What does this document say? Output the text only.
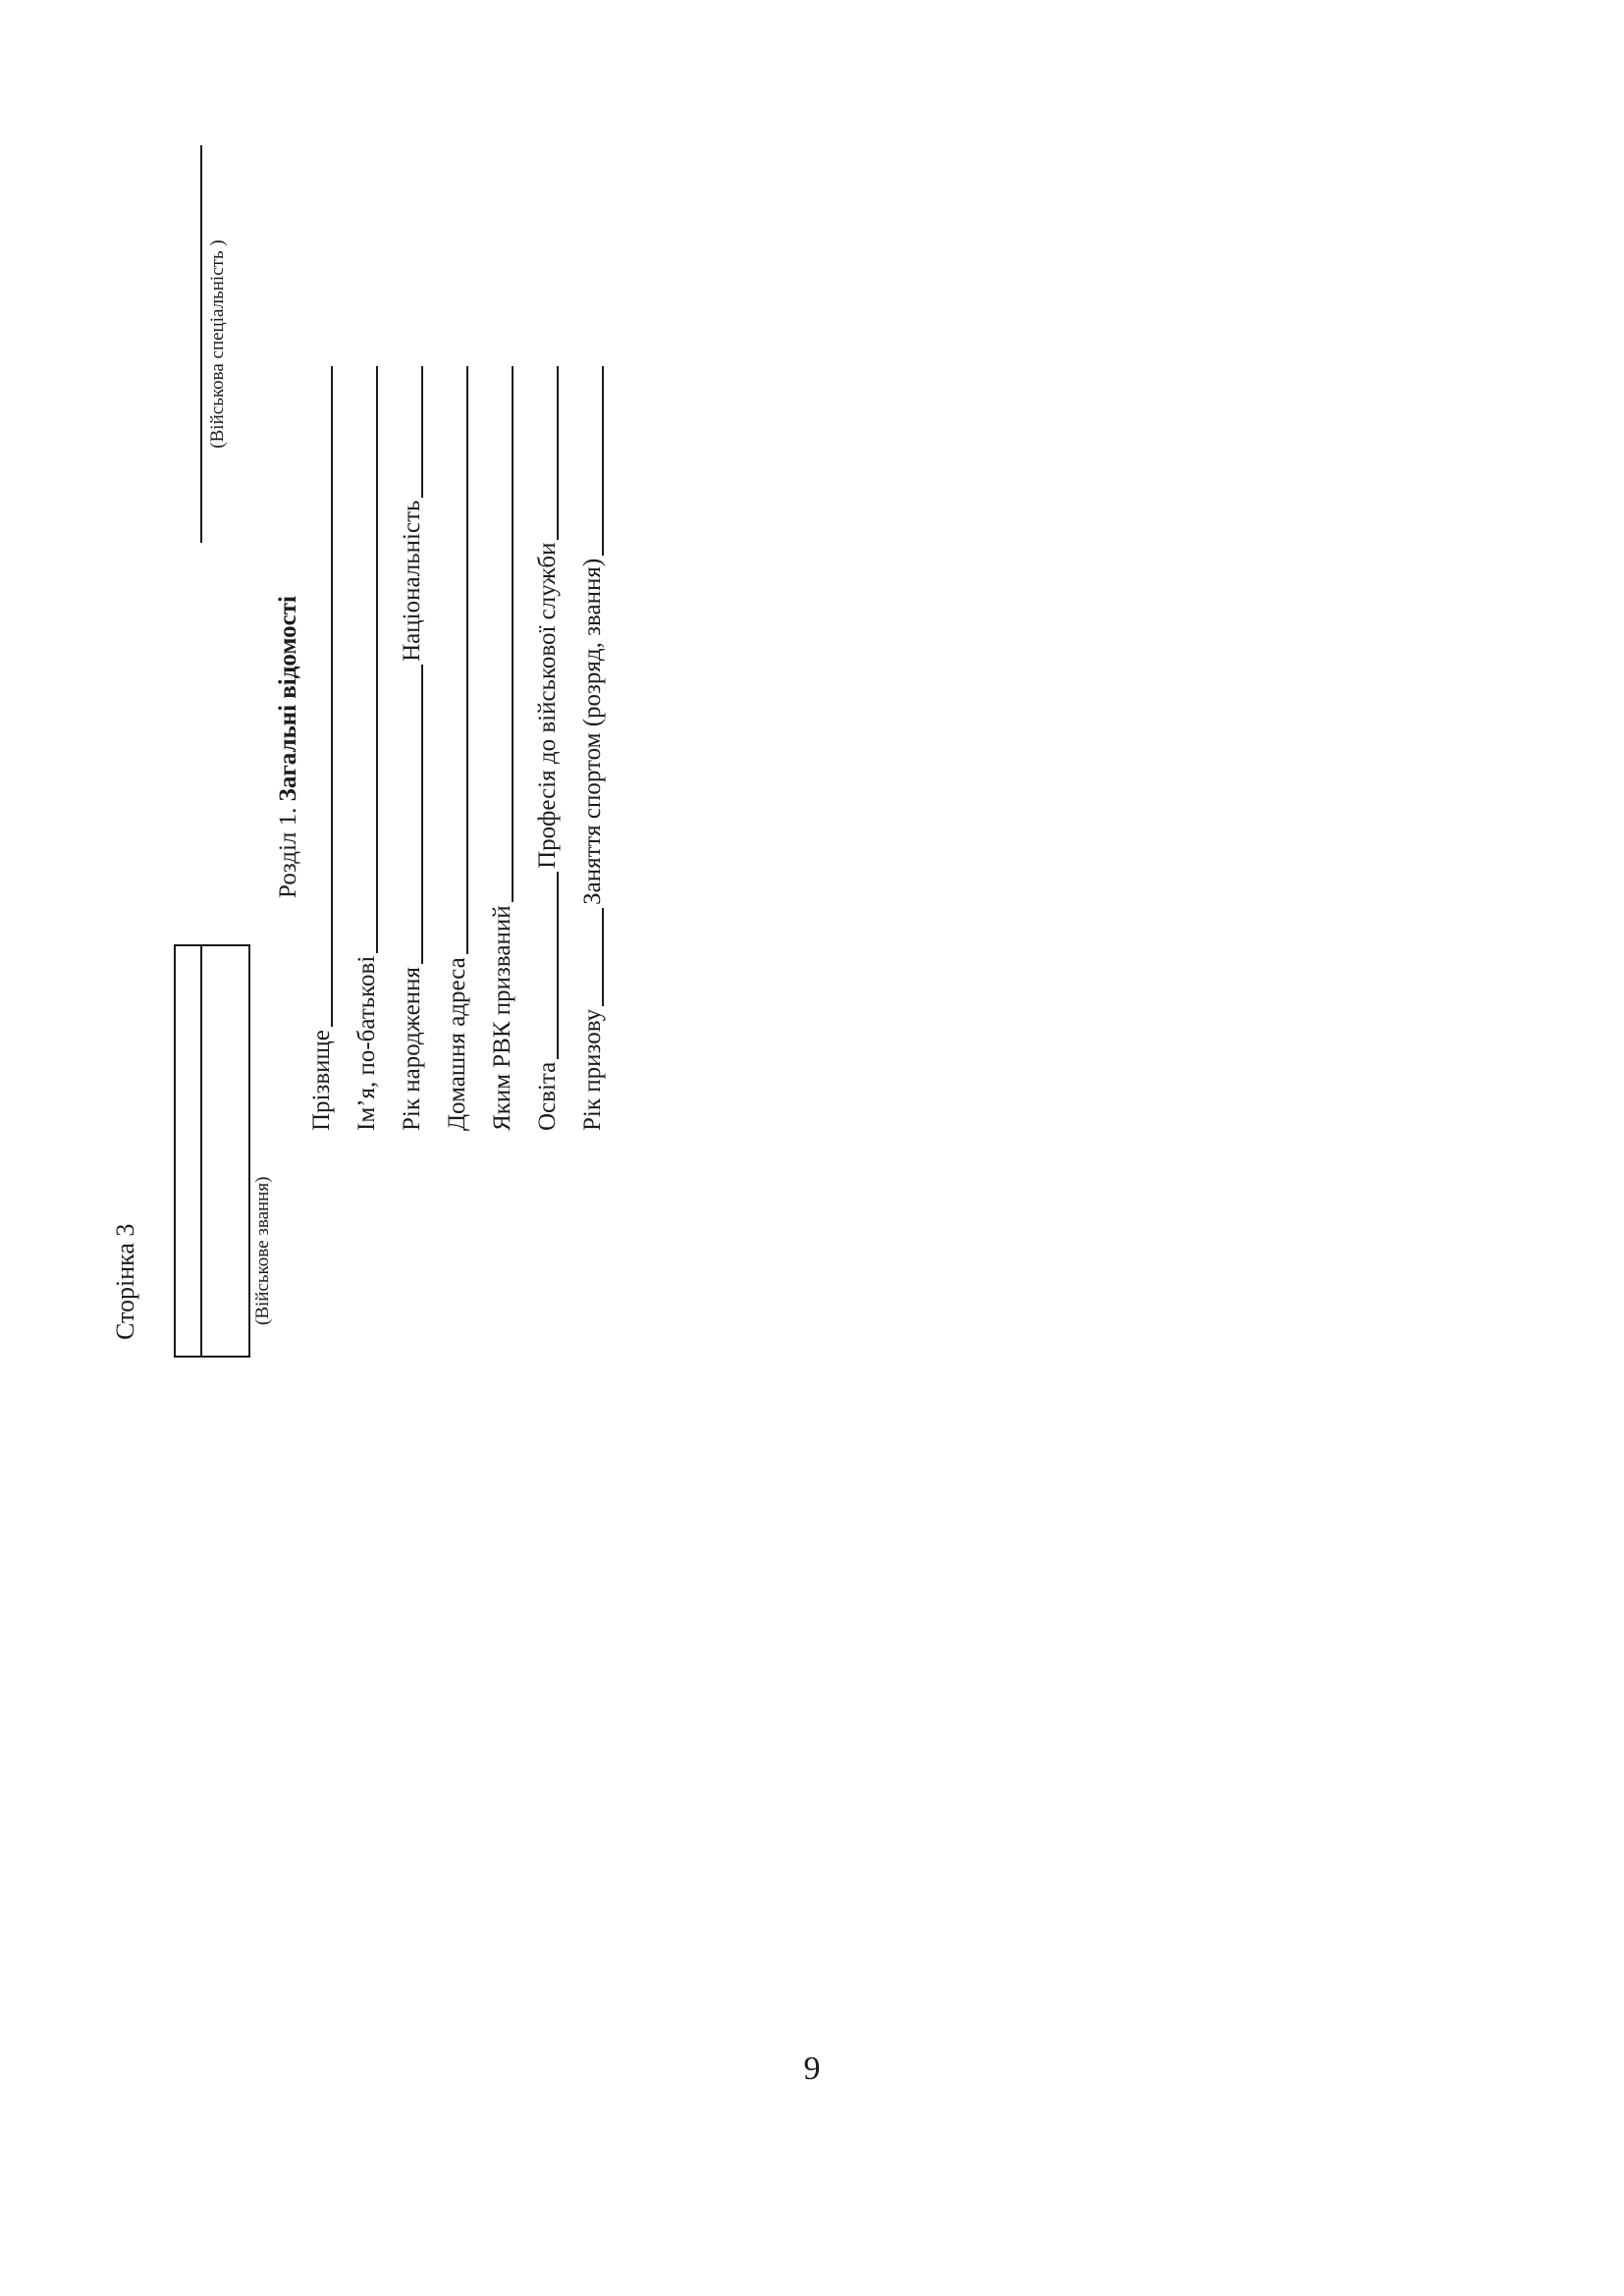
Сторінка 3	(Військове звання)
(Військова спеціальність )
Розділ 1. Загальні відомості
Прізвище Ім’я, по-батькові Рік народження
Національність
Домашня адреса Яким РВК призваний Освіта
Професія до військової служби
Рік призову
Заняття спортом (розряд, звання)
9
